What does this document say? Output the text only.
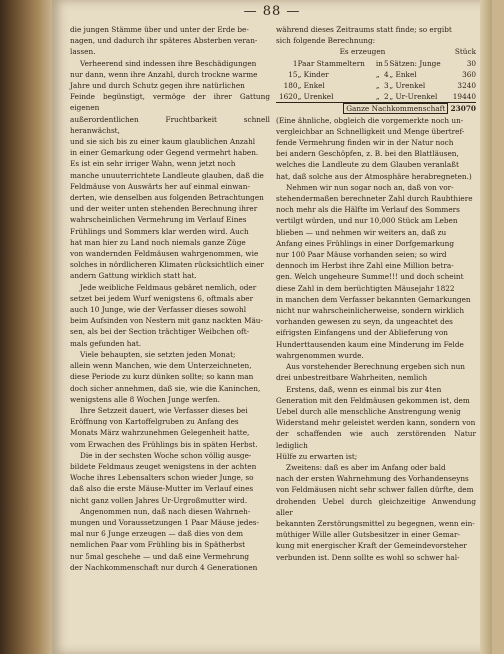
— 88 —

die jungen Stämme über und unter der Erde be-

nagen, und dadurch ihr späteres Absterben veran-

lassen.

Verheerend sind indessen ihre Beschädigungen

nur dann, wenn ihre Anzahl, durch trockne warme

Jahre und durch Schutz gegen ihre natürlichen

Feinde begünstigt, vermöge der ihrer Gattung eigenen

außerordentlichen Fruchtbarkeit schnell heranwächst,

und sie sich bis zu einer kaum glaublichen Anzahl

in einer Gemarkung oder Gegend vermehrt haben.

Es ist ein sehr irriger Wahn, wenn jetzt noch

manche unuuterrichtete Landleute glauben, daß die

Feldmäuse von Auswärts her auf einmal einwan-

derten, wie denselben aus folgenden Betrachtungen

und der weiter unten stehenden Berechnung ihrer

wahrscheinlichen Vermehrung im Verlauf Eines

Frühlings und Sommers klar werden wird. Auch

hat man hier zu Land noch niemals ganze Züge

von wandernden Feldmäusen wahrgenommen, wie

solches in nördlicheren Klimaten rücksichtlich einer

andern Gattung wirklich statt hat.

Jede weibliche Feldmaus gebäret nemlich, oder

setzet bei jedem Wurf wenigstens 6, oftmals aber

auch 10 Junge, wie der Verfasser dieses sowohl

beim Aufsinden von Nestern mit ganz nackten Mäu-

sen, als bei der Section trächtiger Weibchen oft-

mals gefunden hat.

Viele behaupten, sie setzten jeden Monat;

allein wenn Manchen, wie dem Unterzeichneten,

diese Periode zu kurz dünken sollte; so kann man

doch sicher annehmen, daß sie, wie die Kaninchen,

wenigstens alle 8 Wochen Junge werfen.

Ihre Setzzeit dauert, wie Verfasser dieses bei

Eröffnung von Kartoffelgruben zu Anfang des

Monats März wahrzunehmen Gelegenheit hatte,

vom Erwachen des Frühlings bis in späten Herbst.

Die in der sechsten Woche schon völlig ausge-

bildete Feldmaus zeuget wenigstens in der achten

Woche ihres Lebensalters schon wieder Junge, so

daß also die erste Mäuse-Mutter im Verlauf eines

nicht ganz vollen Jahres Ur-Urgroßmutter wird.

Angenommen nun, daß nach diesen Wahrneh-

mungen und Voraussetzungen 1 Paar Mäuse jedes-

mal nur 6 Junge erzeugen — daß dies von dem

nemlichen Paar vom Frühling bis in Spätherbst

nur 5mal geschehe — und daß eine Vermehrung

der Nachkommenschaft nur durch 4 Generationen

während dieses Zeitraums statt finde; so ergibt

sich folgende Berechnung:

Es erzeugen					Stück
1	Paar Stammeltern	in	5	Sätzen: Junge	30
15	„ Kinder	„	4	„ Enkel	360
180	„ Enkel	„	3	„ Urenkel	3240
1620	„ Urenkel	„	2	„ Ur-Urenkel	19440
Ganze Nachkommenschaft 23070					

(Eine ähnliche, obgleich die vorgemerkte noch un-

vergleichbar an Schnelligkeit und Menge übertref-

fende Vermehrung finden wir in der Natur noch

bei andern Geschöpfen, z. B. bei den Blattläusen,

welches die Landleute zu dem Glauben veranlaßt

hat, daß solche aus der Atmosphäre herabregneten.)

Nehmen wir nun sogar noch an, daß von vor-

stehendermaßen berechneter Zahl durch Raubthiere

noch mehr als die Hälfte im Verlauf des Sommers

vertilgt würden, und nur 10,000 Stück am Leben

blieben — und nehmen wir weiters an, daß zu

Anfang eines Frühlings in einer Dorfgemarkung

nur 100 Paar Mäuse vorhanden seien; so wird

dennoch im Herbst ihre Zahl eine Million betra-

gen. Welch ungeheure Summe!!! und doch scheint

diese Zahl in dem berüchtigten Mäusejahr 1822

in manchen dem Verfasser bekannten Gemarkungen

nicht nur wahrscheinlicherweise, sondern wirklich

vorhanden gewesen zu seyn, da ungeachtet des

eifrigsten Einfangens und der Ablieferung von

Hunderttausenden kaum eine Minderung im Felde

wahrgenommen wurde.

Aus vorstehender Berechnung ergeben sich nun

drei unbestreitbare Wahrheiten, nemlich

Erstens, daß, wenn es einmal bis zur 4ten

Generation mit den Feldmäusen gekommen ist, dem

Uebel durch alle menschliche Anstrengung wenig

Widerstand mehr geleistet werden kann, sondern von

der schaffenden wie auch zerstörenden Natur lediglich

Hülfe zu erwarten ist;

Zweitens: daß es aber im Anfang oder bald

nach der ersten Wahrnehmung des Vorhandenseyns

von Feldmäusen nicht sehr schwer fallen dürfte, dem

drohenden Uebel durch gleichzeitige Anwendung aller

bekannten Zerstörungsmittel zu begegnen, wenn ein-

müthiger Wille aller Gutsbesitzer in einer Gemar-

kung mit energischer Kraft der Gemeindevorsteher

verbunden ist. Denn sollte es wohl so schwer hal-
